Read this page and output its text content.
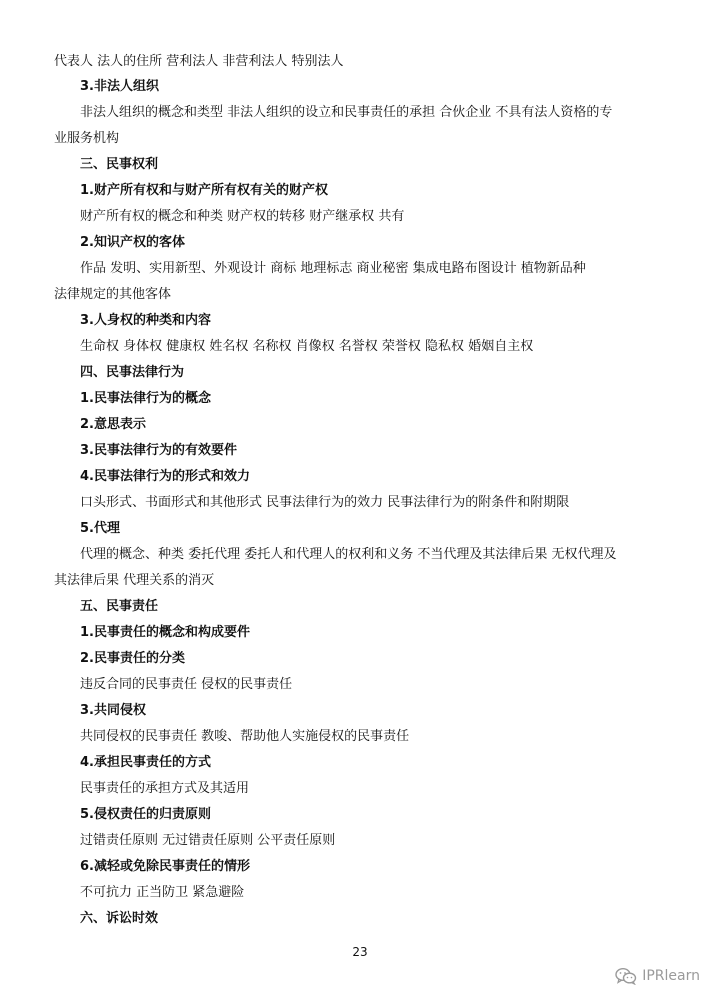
代表人 法人的住所 营利法人 非营利法人 特别法人
3.非法人组织
非法人组织的概念和类型 非法人组织的设立和民事责任的承担 合伙企业 不具有法人资格的专
业服务机构
三、民事权利
1.财产所有权和与财产所有权有关的财产权
财产所有权的概念和种类 财产权的转移 财产继承权 共有
2.知识产权的客体
作品 发明、实用新型、外观设计 商标 地理标志 商业秘密 集成电路布图设计 植物新品种
法律规定的其他客体
3.人身权的种类和内容
生命权 身体权 健康权 姓名权 名称权 肖像权 名誉权 荣誉权 隐私权 婚姻自主权
四、民事法律行为
1.民事法律行为的概念
2.意思表示
3.民事法律行为的有效要件
4.民事法律行为的形式和效力
口头形式、书面形式和其他形式 民事法律行为的效力 民事法律行为的附条件和附期限
5.代理
代理的概念、种类 委托代理 委托人和代理人的权利和义务 不当代理及其法律后果 无权代理及
其法律后果 代理关系的消灭
五、民事责任
1.民事责任的概念和构成要件
2.民事责任的分类
违反合同的民事责任 侵权的民事责任
3.共同侵权
共同侵权的民事责任 教唆、帮助他人实施侵权的民事责任
4.承担民事责任的方式
民事责任的承担方式及其适用
5.侵权责任的归责原则
过错责任原则 无过错责任原则 公平责任原则
6.减轻或免除民事责任的情形
不可抗力 正当防卫 紧急避险
六、诉讼时效
23
IPRlearn
